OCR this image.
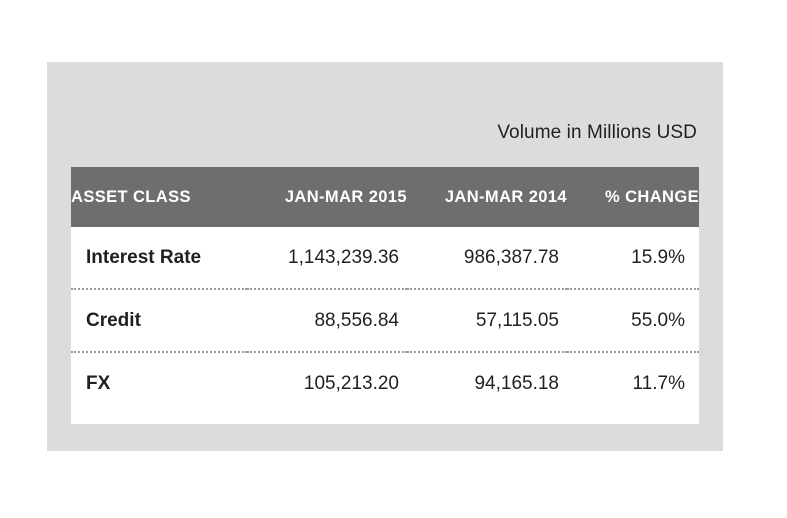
Volume in Millions USD
ASSET CLASS	JAN-MAR 2015	JAN-MAR 2014	% CHANGE
Interest Rate	1,143,239.36	986,387.78	15.9%
Credit	88,556.84	57,115.05	55.0%
FX	105,213.20	94,165.18	11.7%
